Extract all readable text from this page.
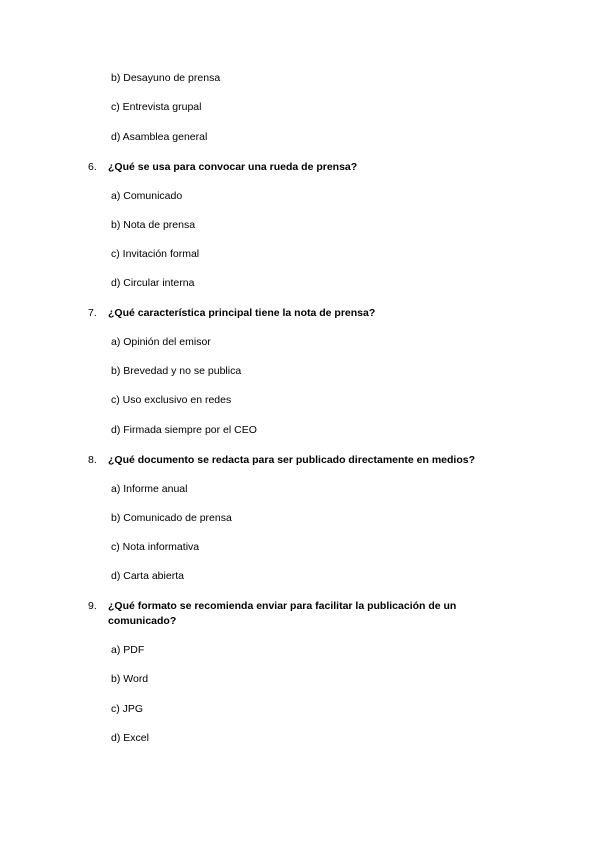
b) Desayuno de prensa
c) Entrevista grupal
d) Asamblea general
6. ¿Qué se usa para convocar una rueda de prensa?
a) Comunicado
b) Nota de prensa
c) Invitación formal
d) Circular interna
7. ¿Qué característica principal tiene la nota de prensa?
a) Opinión del emisor
b) Brevedad y no se publica
c) Uso exclusivo en redes
d) Firmada siempre por el CEO
8. ¿Qué documento se redacta para ser publicado directamente en medios?
a) Informe anual
b) Comunicado de prensa
c) Nota informativa
d) Carta abierta
9. ¿Qué formato se recomienda enviar para facilitar la publicación de un comunicado?
a) PDF
b) Word
c) JPG
d) Excel
